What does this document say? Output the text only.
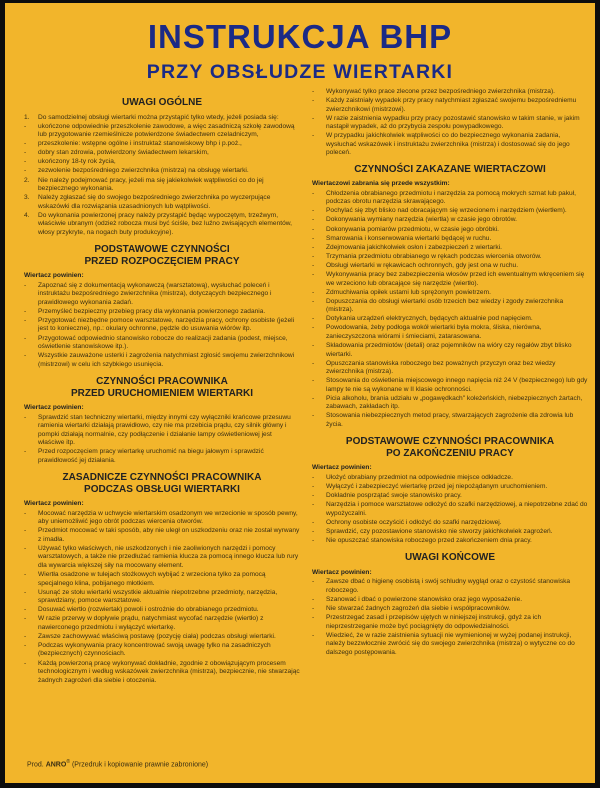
INSTRUKCJA BHP
PRZY OBSŁUDZE WIERTARKI
UWAGI OGÓLNE
1.	Do samodzielnej obsługi wiertarki można przystąpić tylko wtedy, jeżeli posiada się:
-	ukończone odpowiednie przeszkolenie zawodowe, a więc zasadniczą szkołę zawodową lub przygotowanie rzemieślnicze potwierdzone świadectwem czeladniczym,
-	przeszkolenie: wstępne ogólne i instruktaż stanowiskowy bhp i p.poż.,
-	dobry stan zdrowia, potwierdzony świadectwem lekarskim,
-	ukończony 18-ty rok życia,
-	zezwolenie bezpośredniego zwierzchnika (mistrza) na obsługę wiertarki.
2.	Nie należy podejmować pracy, jeżeli ma się jakiekolwiek wątpliwości co do jej bezpiecznego wykonania.
3.	Należy zgłaszać się do swojego bezpośredniego zwierzchnika po wyczerpujące wskazówki dla rozwiązania uzasadnionych lub wątpliwości.
4.	Do wykonania powierzonej pracy należy przystąpić będąc wypoczętym, trzeźwym, właściwie ubranym (odzież robocza musi być ściśle, bez luźno zwisających elementów, włosy przykryte, na nogach buty produkcyjne).
PODSTAWOWE CZYNNOŚCI
PRZED ROZPOCZĘCIEM PRACY
Wiertacz powinien:
-	Zapoznać się z dokumentacją wykonawczą (warsztatową), wysłuchać poleceń i instruktażu bezpośredniego zwierzchnika (mistrza), dotyczących bezpiecznego i prawidłowego wykonania zadań.
-	Przemyśleć bezpieczny przebieg pracy dla wykonania powierzonego zadania.
-	Przygotować niezbędne pomoce warsztatowe, narzędzia pracy, ochrony osobiste (jeżeli jest to konieczne), np.: okulary ochronne, pędzle do usuwania wiórów itp.
-	Przygotować odpowiednio stanowisko robocze do realizacji zadania (podest, miejsce, oświetlenie stanowiskowe itp.).
-	Wszystkie zauważone usterki i zagrożenia natychmiast zgłosić swojemu zwierzchnikowi (mistrzowi) w celu ich szybkiego usunięcia.
CZYNNOŚCI PRACOWNIKA
PRZED URUCHOMIENIEM WIERTARKI
Wiertacz powinien:
-	Sprawdzić stan techniczny wiertarki, między innymi czy wyłączniki krańcowe przesuwu ramienia wiertarki działają prawidłowo, czy nie ma przebicia prądu, czy silnik główny i pompki działają normalnie, czy podłączenie i działanie lampy oświetleniowej jest właściwe itp.
-	Przed rozpoczęciem pracy wiertarkę uruchomić na biegu jałowym i sprawdzić prawidłowość jej działania.
ZASADNICZE CZYNNOŚCI PRACOWNIKA
PODCZAS OBSŁUGI WIERTARKI
Wiertacz powinien:
-	Mocować narzędzia w uchwycie wiertarskim osadzonym we wrzecionie w sposób pewny, aby uniemożliwić jego obrót podczas wiercenia otworów.
-	Przedmiot mocować w taki sposób, aby nie uległ on uszkodzeniu oraz nie został wyrwany z imadła.
-	Używać tylko właściwych, nie uszkodzonych i nie zaoliwionych narzędzi i pomocy warsztatowych, a także nie przedłużać ramienia klucza za pomocą innego klucza lub rury dla wywarcia większej siły na mocowany element.
-	Wiertła osadzone w tulejach stożkowych wybijać z wrzeciona tylko za pomocą specjalnego klina, pobijanego młotkiem.
-	Usunąć ze stołu wiertarki wszystkie aktualnie niepotrzebne przedmioty, narzędzia, sprawdziany, pomoce warsztatowe.
-	Dosuwać wiertło (rozwiertak) powoli i ostrożnie do obrabianego przedmiotu.
-	W razie przerwy w dopływie prądu, natychmiast wycofać narzędzie (wiertło) z nawierconego przedmiotu i wyłączyć wiertarkę.
-	Zawsze zachowywać właściwą postawę (pozycję ciała) podczas obsługi wiertarki.
-	Podczas wykonywania pracy koncentrować swoją uwagę tylko na zasadniczych (bezpiecznych) czynnościach.
-	Każdą powierzoną pracę wykonywać dokładnie, zgodnie z obowiązującym procesem technologicznym i według wskazówek zwierzchnika (mistrza), bezpiecznie, nie stwarzając żadnych zagrożeń dla siebie i otoczenia.
-	Wykonywać tylko prace zlecone przez bezpośredniego zwierzchnika (mistrza).
-	Każdy zaistniały wypadek przy pracy natychmiast zgłaszać swojemu bezpośredniemu zwierzchnikowi (mistrzowi).
-	W razie zaistnienia wypadku przy pracy pozostawić stanowisko w takim stanie, w jakim nastąpił wypadek, aż do przybycia zespołu powypadkowego.
-	W przypadku jakichkolwiek wątpliwości co do bezpiecznego wykonania zadania, wysłuchać wskazówek i instruktażu zwierzchnika (mistrza) i dostosować się do jego poleceń.
CZYNNOŚCI ZAKAZANE WIERTACZOWI
Wiertaczowi zabrania się przede wszystkim:
-	Chłodzenia obrabianego przedmiotu i narzędzia za pomocą mokrych szmat lub pakuł, podczas obrotu narzędzia skrawającego.
-	Pochylać się zbyt blisko nad obracającym się wrzecionem i narzędziem (wiertłem).
-	Dokonywania wymiany narzędzia (wiertła) w czasie jego obrotów.
-	Dokonywania pomiarów przedmiotu, w czasie jego obróbki.
-	Smarowania i konserwowania wiertarki będącej w ruchu.
-	Zdejmowania jakichkolwiek osłon i zabezpieczeń z wiertarki.
-	Trzymania przedmiotu obrabianego w rękach podczas wiercenia otworów.
-	Obsługi wiertarki w rękawicach ochronnych, gdy jest ona w ruchu.
-	Wykonywania pracy bez zabezpieczenia włosów przed ich ewentualnym wkręceniem się we wrzeciono lub obracające się narzędzie (wiertło).
-	Zdmuchiwania opiłek ustami lub sprężonym powietrzem.
-	Dopuszczania do obsługi wiertarki osób trzecich bez wiedzy i zgody zwierzchnika (mistrza).
-	Dotykania urządzeń elektrycznych, będących aktualnie pod napięciem.
-	Powodowania, żeby podłoga wokół wiertarki była mokra, śliska, nierówna, zanieczyszczona wiórami i śmieciami, zatarasowana.
-	Składowania przedmiotów (detali) oraz pojemników na wióry czy regałów zbyt blisko wiertarki.
-	Opuszczania stanowiska roboczego bez poważnych przyczyn oraz bez wiedzy zwierzchnika (mistrza).
-	Stosowania do oświetlenia miejscowego innego napięcia niż 24 V (bezpiecznego) lub gdy lampy te nie są wykonane w II klasie ochronności.
-	Picia alkoholu, brania udziału w „pogawędkach" koleżeńskich, niebezpiecznych żartach, zabawach, zakładach itp.
-	Stosowania niebezpiecznych metod pracy, stwarzających zagrożenie dla zdrowia lub życia.
PODSTAWOWE CZYNNOŚCI PRACOWNIKA
PO ZAKOŃCZENIU PRACY
Wiertacz powinien:
-	Ułożyć obrabiany przedmiot na odpowiednie miejsce odkładcze.
-	Wyłączyć i zabezpieczyć wiertarkę przed jej niepożądanym uruchomieniem.
-	Dokładnie posprzątać swoje stanowisko pracy.
-	Narzędzia i pomoce warsztatowe odłożyć do szafki narzędziowej, a niepotrzebne zdać do wypożyczalni.
-	Ochrony osobiste oczyścić i odłożyć do szafki narzędziowej.
-	Sprawdzić, czy pozostawione stanowisko nie stworzy jakichkolwiek zagrożeń.
-	Nie opuszczać stanowiska roboczego przed zakończeniem dnia pracy.
UWAGI KOŃCOWE
Wiertacz powinien:
-	Zawsze dbać o higienę osobistą i swój schludny wygląd oraz o czystość stanowiska roboczego.
-	Szanować i dbać o powierzone stanowisko oraz jego wyposażenie.
-	Nie stwarzać żadnych zagrożeń dla siebie i współpracowników.
-	Przestrzegać zasad i przepisów ujętych w niniejszej instrukcji, gdyż za ich nieprzestrzeganie może być pociągnięty do odpowiedzialności.
-	Wiedzieć, że w razie zaistnienia sytuacji nie wymienionej w wyżej podanej instrukcji, należy bezzwłocznie zwrócić się do swojego zwierzchnika (mistrza) o wytyczne co do dalszego postępowania.
Prod. ANRO® (Przedruk i kopiowanie prawnie zabronione)
